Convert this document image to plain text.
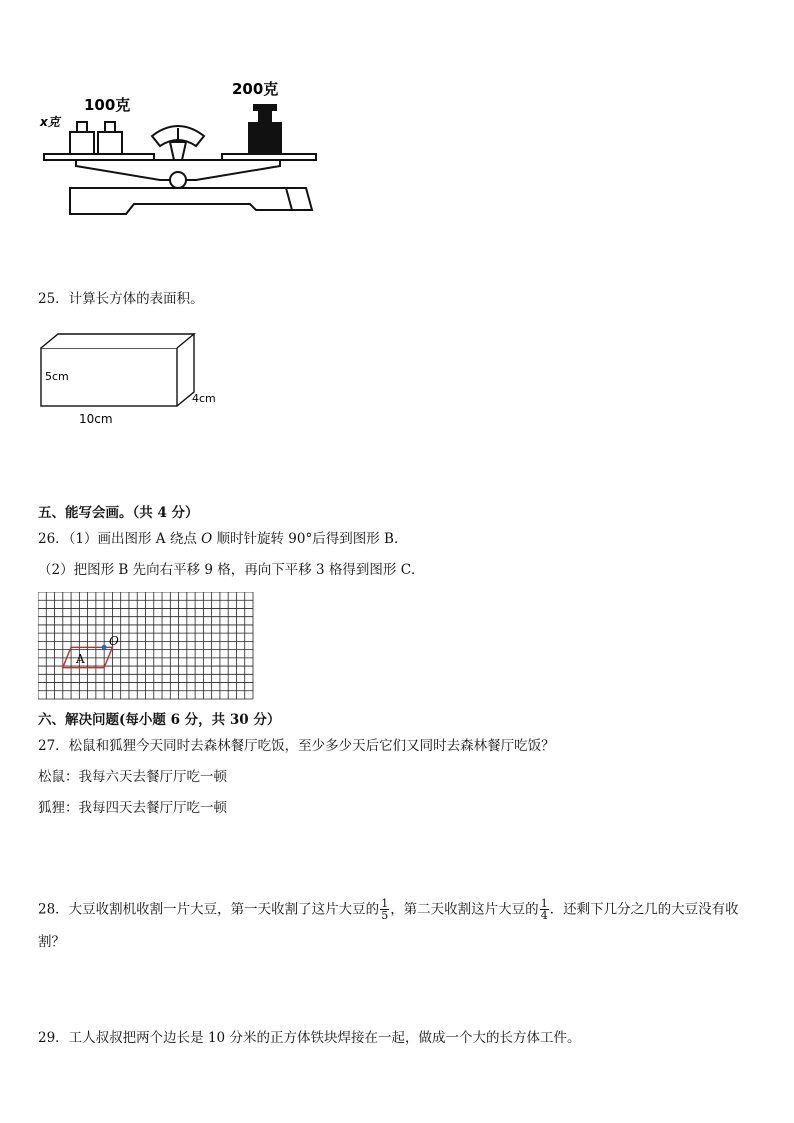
x克
100克
200克
25．计算长方体的表面积。
5cm
10cm
4cm
五、能写会画。（共 4 分）
26．（1）画出图形 A 绕点 O 顺时针旋转 90°后得到图形 B．
（2）把图形 B 先向右平移 9 格，再向下平移 3 格得到图形 C．
A
O
六、解决问题(每小题 6 分，共 30 分）
27．松鼠和狐狸今天同时去森林餐厅吃饭，至少多少天后它们又同时去森林餐厅吃饭？
松鼠：我每六天去餐厅厅吃一顿
狐狸：我每四天去餐厅厅吃一顿
28．大豆收割机收割一片大豆，第一天收割了这片大豆的 $\frac{1}{5}$ ，第二天收割这片大豆的 $\frac{1}{4}$ ．还剩下几分之几的大豆没有收
割？
29．工人叔叔把两个边长是 10 分米的正方体铁块焊接在一起，做成一个大的长方体工件。
